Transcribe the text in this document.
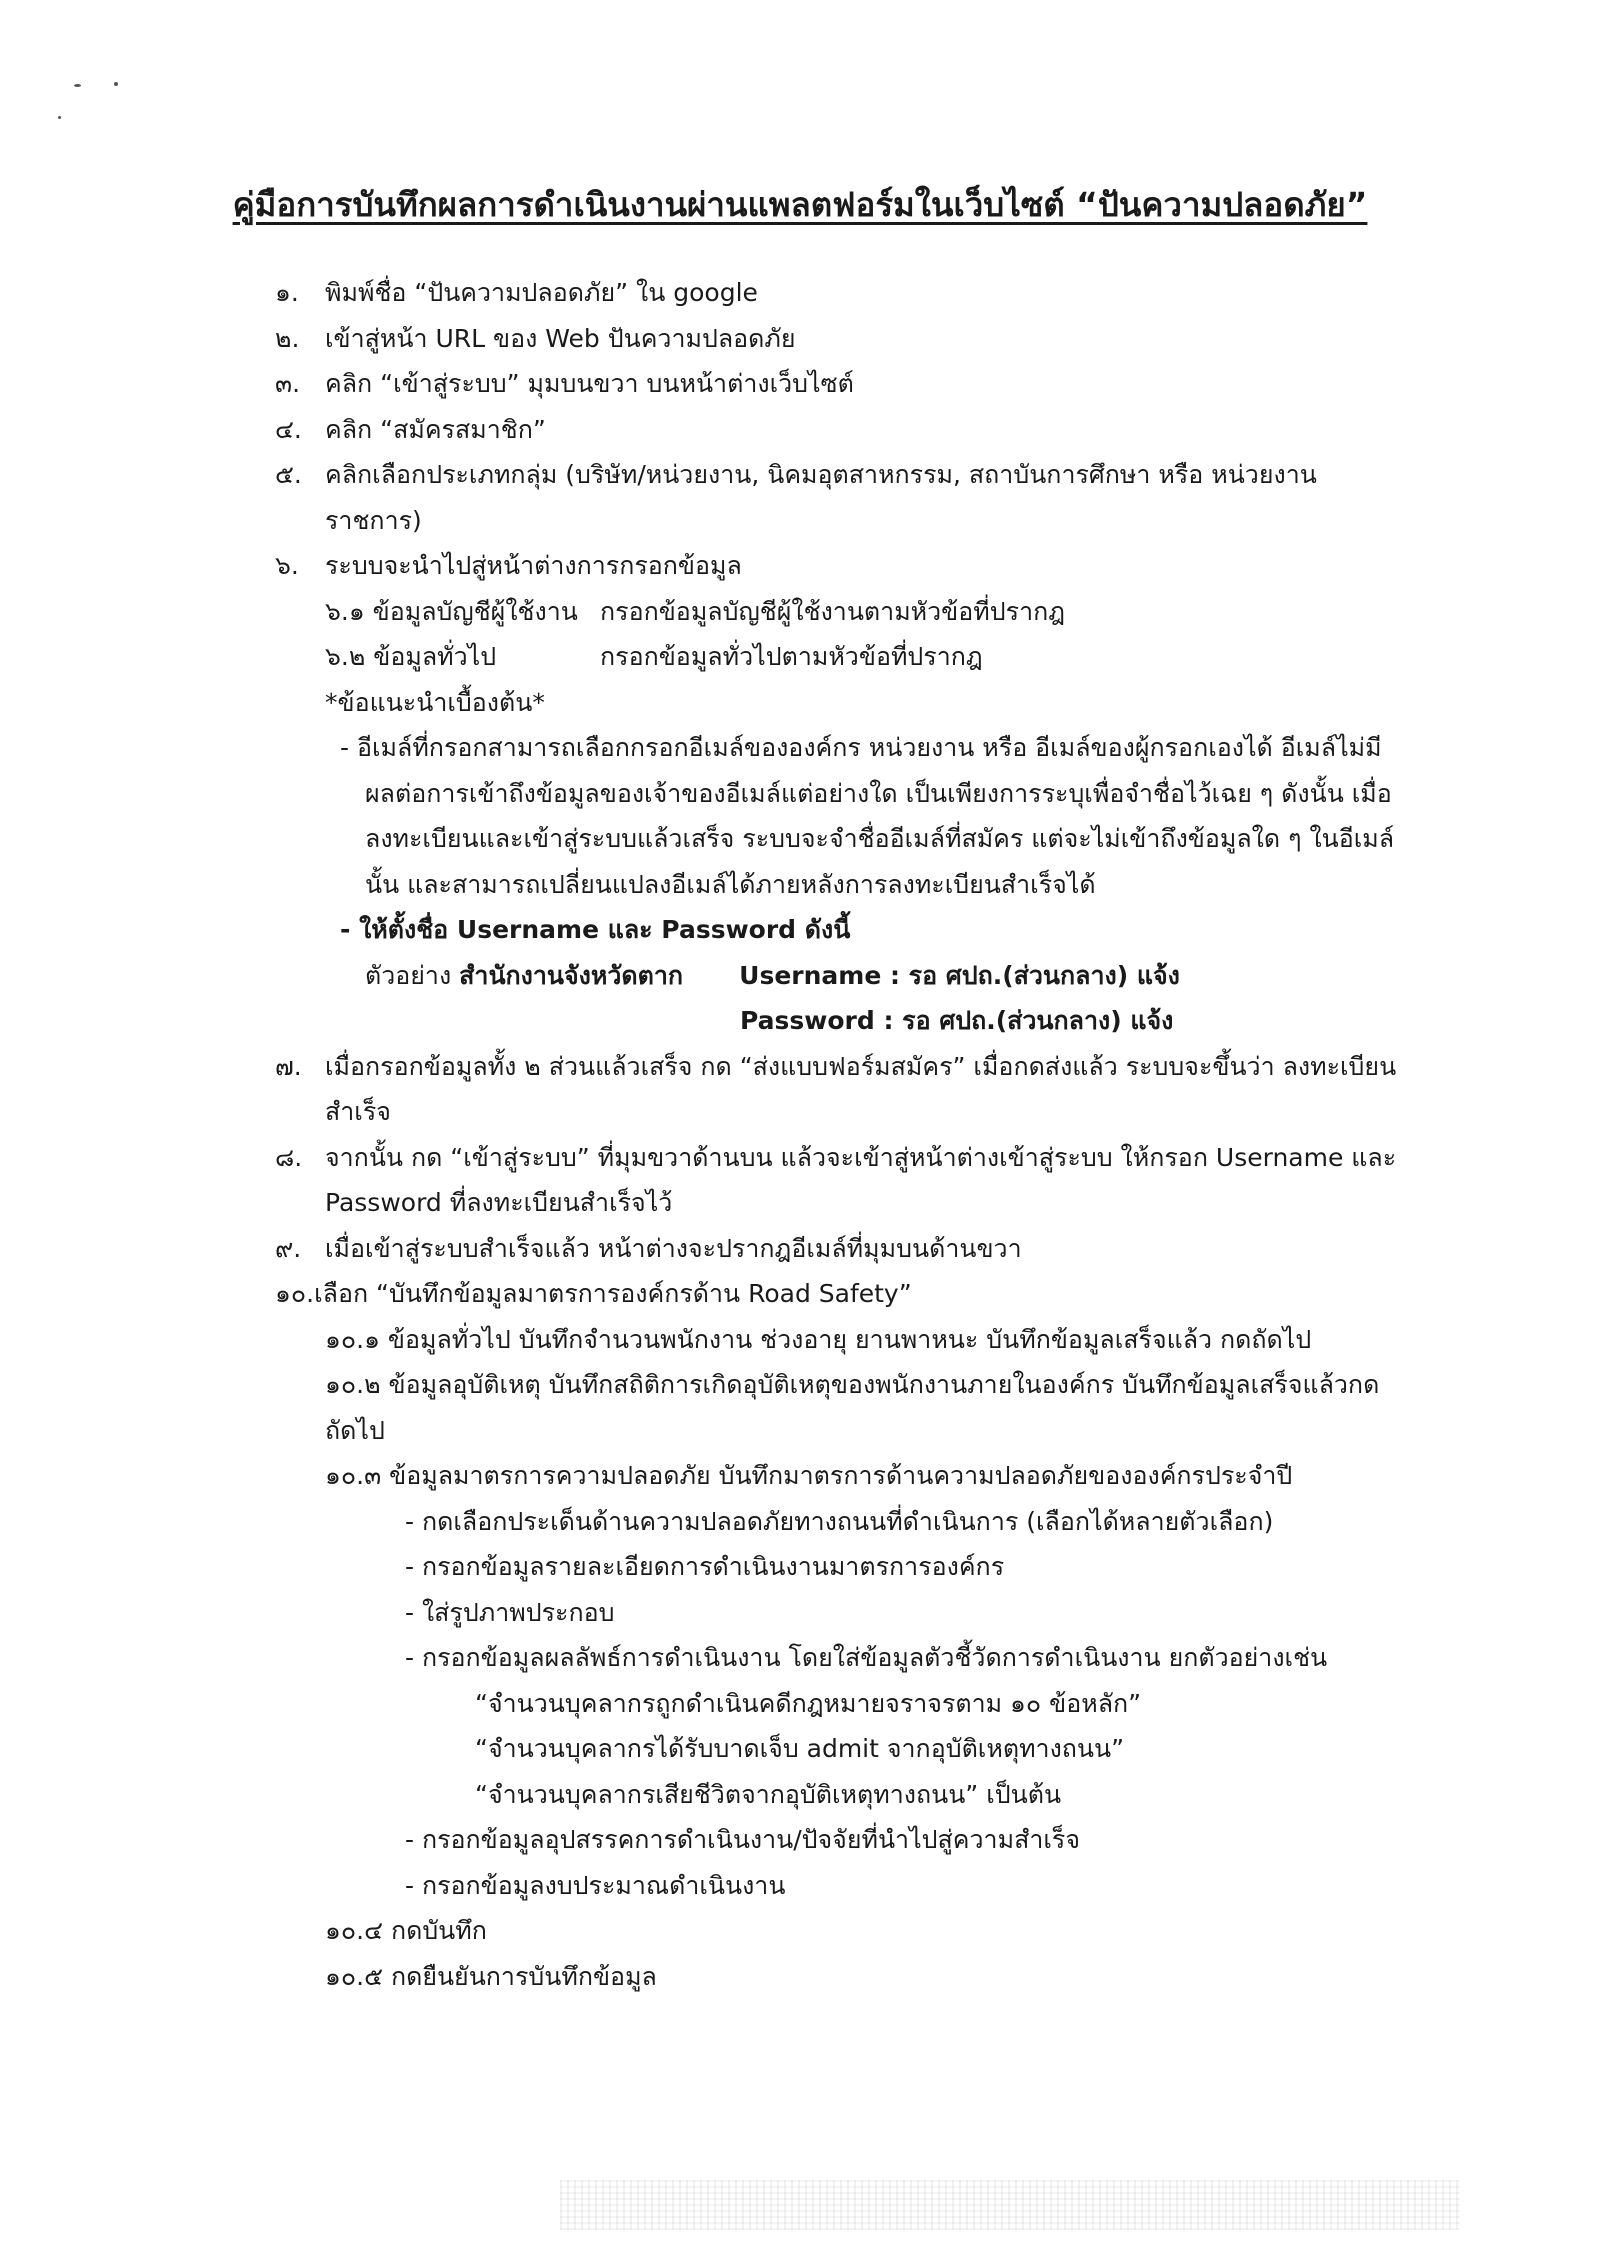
คู่มือการบันทึกผลการดำเนินงานผ่านแพลตฟอร์มในเว็บไซต์ “ปันความปลอดภัย”
๑. พิมพ์ชื่อ “ปันความปลอดภัย” ใน google
๒. เข้าสู่หน้า URL ของ Web ปันความปลอดภัย
๓. คลิก “เข้าสู่ระบบ” มุมบนขวา บนหน้าต่างเว็บไซต์
๔. คลิก “สมัครสมาชิก”
๕. คลิกเลือกประเภทกลุ่ม (บริษัท/หน่วยงาน, นิคมอุตสาหกรรม, สถาบันการศึกษา หรือ หน่วยงาน
ราชการ)
๖. ระบบจะนำไปสู่หน้าต่างการกรอกข้อมูล
๖.๑ ข้อมูลบัญชีผู้ใช้งาน กรอกข้อมูลบัญชีผู้ใช้งานตามหัวข้อที่ปรากฎ
๖.๒ ข้อมูลทั่วไป	กรอกข้อมูลทั่วไปตามหัวข้อที่ปรากฎ
*ข้อแนะนำเบื้องต้น*
- อีเมล์ที่กรอกสามารถเลือกกรอกอีเมล์ขององค์กร หน่วยงาน หรือ อีเมล์ของผู้กรอกเองได้ อีเมล์ไม่มี
ผลต่อการเข้าถึงข้อมูลของเจ้าของอีเมล์แต่อย่างใด เป็นเพียงการระบุเพื่อจำชื่อไว้เฉย ๆ ดังนั้น เมื่อ
ลงทะเบียนและเข้าสู่ระบบแล้วเสร็จ ระบบจะจำชื่ออีเมล์ที่สมัคร แต่จะไม่เข้าถึงข้อมูลใด ๆ ในอีเมล์
นั้น และสามารถเปลี่ยนแปลงอีเมล์ได้ภายหลังการลงทะเบียนสำเร็จได้
- ให้ตั้งชื่อ Username และ Password ดังนี้
ตัวอย่าง สำนักงานจังหวัดตาก Username : รอ ศปถ.(ส่วนกลาง) แจ้ง
Password : รอ ศปถ.(ส่วนกลาง) แจ้ง
๗. เมื่อกรอกข้อมูลทั้ง ๒ ส่วนแล้วเสร็จ กด “ส่งแบบฟอร์มสมัคร” เมื่อกดส่งแล้ว ระบบจะขึ้นว่า ลงทะเบียน
สำเร็จ
๘. จากนั้น กด “เข้าสู่ระบบ” ที่มุมขวาด้านบน แล้วจะเข้าสู่หน้าต่างเข้าสู่ระบบ ให้กรอก Username และ
Password ที่ลงทะเบียนสำเร็จไว้
๙. เมื่อเข้าสู่ระบบสำเร็จแล้ว หน้าต่างจะปรากฎอีเมล์ที่มุมบนด้านขวา
๑๐.เลือก “บันทึกข้อมูลมาตรการองค์กรด้าน Road Safety”
๑๐.๑ ข้อมูลทั่วไป บันทึกจำนวนพนักงาน ช่วงอายุ ยานพาหนะ บันทึกข้อมูลเสร็จแล้ว กดถัดไป
๑๐.๒ ข้อมูลอุบัติเหตุ บันทึกสถิติการเกิดอุบัติเหตุของพนักงานภายในองค์กร บันทึกข้อมูลเสร็จแล้วกด
ถัดไป
๑๐.๓ ข้อมูลมาตรการความปลอดภัย บันทึกมาตรการด้านความปลอดภัยขององค์กรประจำปี
- กดเลือกประเด็นด้านความปลอดภัยทางถนนที่ดำเนินการ (เลือกได้หลายตัวเลือก)
- กรอกข้อมูลรายละเอียดการดำเนินงานมาตรการองค์กร
- ใส่รูปภาพประกอบ
- กรอกข้อมูลผลลัพธ์การดำเนินงาน โดยใส่ข้อมูลตัวชี้วัดการดำเนินงาน ยกตัวอย่างเช่น
“จำนวนบุคลากรถูกดำเนินคดีกฎหมายจราจรตาม ๑๐ ข้อหลัก”
“จำนวนบุคลากรได้รับบาดเจ็บ admit จากอุบัติเหตุทางถนน”
“จำนวนบุคลากรเสียชีวิตจากอุบัติเหตุทางถนน” เป็นต้น
- กรอกข้อมูลอุปสรรคการดำเนินงาน/ปัจจัยที่นำไปสู่ความสำเร็จ
- กรอกข้อมูลงบประมาณดำเนินงาน
๑๐.๔ กดบันทึก
๑๐.๕ กดยืนยันการบันทึกข้อมูล
